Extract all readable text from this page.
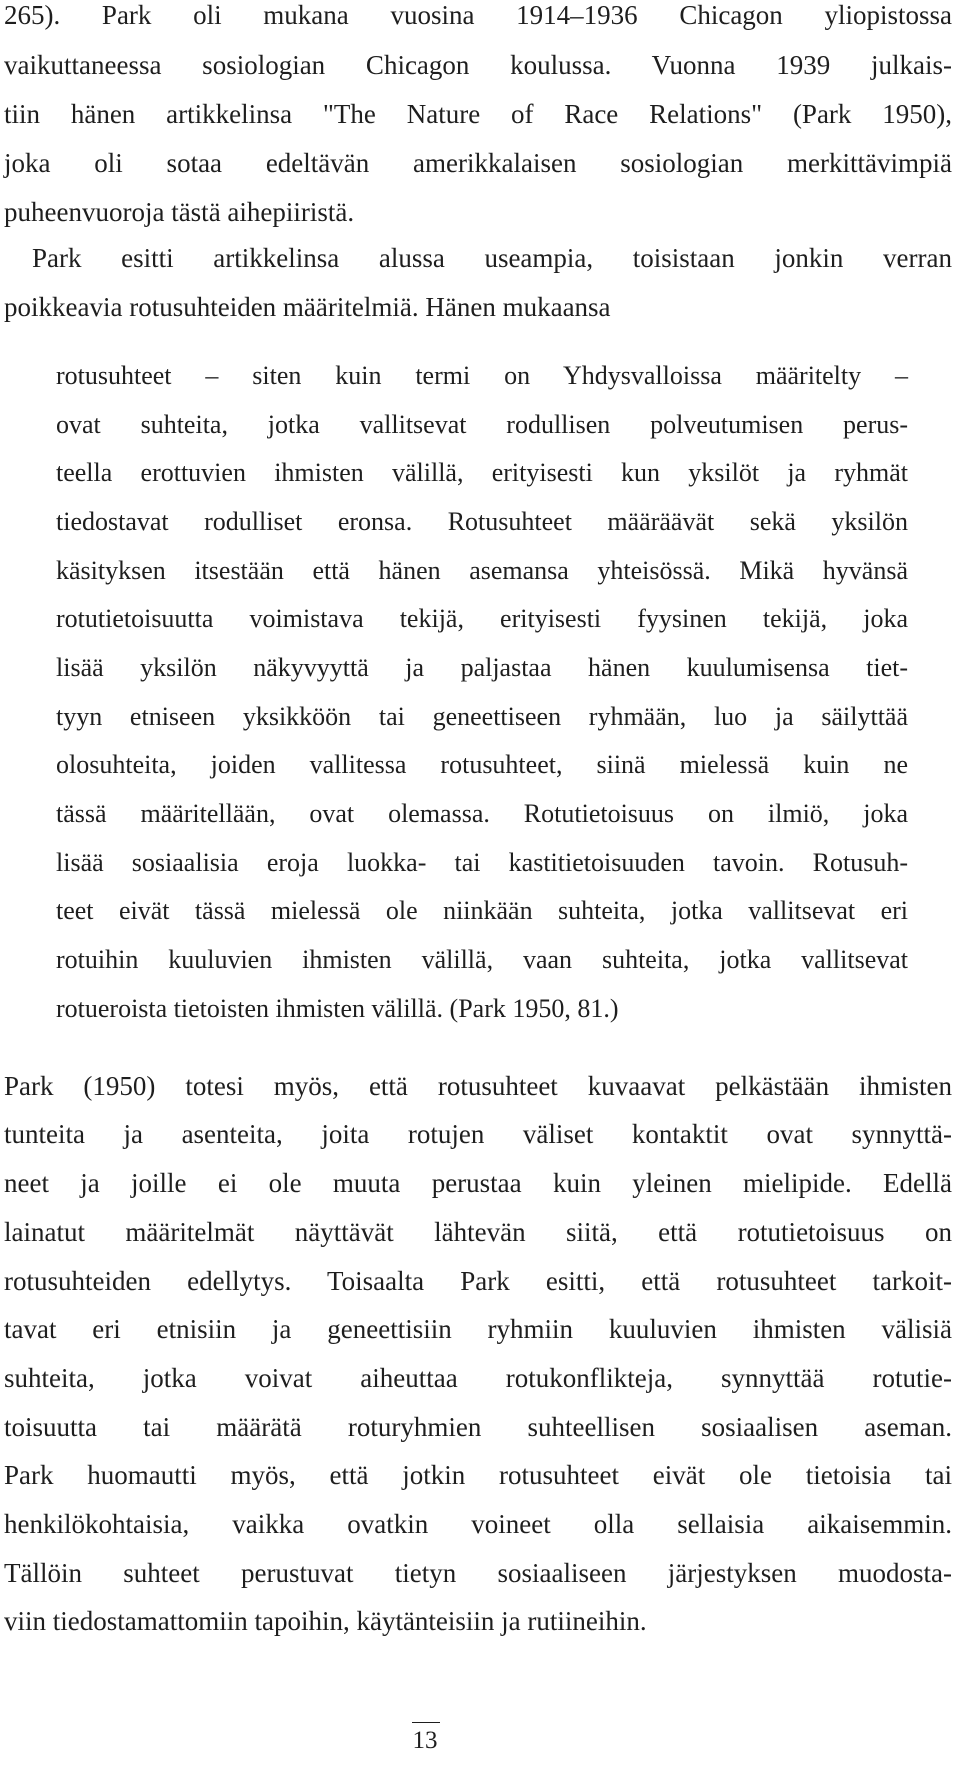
265). Park oli mukana vuosina 1914–1936 Chicagon yliopistossa

vaikuttaneessa sosiologian Chicagon koulussa. Vuonna 1939 julkais-

tiin hänen artikkelinsa "The Nature of Race Relations" (Park 1950),

joka oli sotaa edeltävän amerikkalaisen sosiologian merkittävimpiä

puheenvuoroja tästä aihepiiristä.

Park esitti artikkelinsa alussa useampia, toisistaan jonkin verran

poikkeavia rotusuhteiden määritelmiä. Hänen mukaansa

rotusuhteet – siten kuin termi on Yhdysvalloissa määritelty –

ovat suhteita, jotka vallitsevat rodullisen polveutumisen perus-

teella erottuvien ihmisten välillä, erityisesti kun yksilöt ja ryhmät

tiedostavat rodulliset eronsa. Rotusuhteet määräävät sekä yksilön

käsityksen itsestään että hänen asemansa yhteisössä. Mikä hyvänsä

rotutietoisuutta voimistava tekijä, erityisesti fyysinen tekijä, joka

lisää yksilön näkyvyyttä ja paljastaa hänen kuulumisensa tiet-

tyyn etniseen yksikköön tai geneettiseen ryhmään, luo ja säilyttää

olosuhteita, joiden vallitessa rotusuhteet, siinä mielessä kuin ne

tässä määritellään, ovat olemassa. Rotutietoisuus on ilmiö, joka

lisää sosiaalisia eroja luokka- tai kastitietoisuuden tavoin. Rotusuh-

teet eivät tässä mielessä ole niinkään suhteita, jotka vallitsevat eri

rotuihin kuuluvien ihmisten välillä, vaan suhteita, jotka vallitsevat

rotueroista tietoisten ihmisten välillä. (Park 1950, 81.)

Park (1950) totesi myös, että rotusuhteet kuvaavat pelkästään ihmisten

tunteita ja asenteita, joita rotujen väliset kontaktit ovat synnyttä-

neet ja joille ei ole muuta perustaa kuin yleinen mielipide. Edellä

lainatut määritelmät näyttävät lähtevän siitä, että rotutietoisuus on

rotusuhteiden edellytys. Toisaalta Park esitti, että rotusuhteet tarkoit-

tavat eri etnisiin ja geneettisiin ryhmiin kuuluvien ihmisten välisiä

suhteita, jotka voivat aiheuttaa rotukonflikteja, synnyttää rotutie-

toisuutta tai määrätä roturyhmien suhteellisen sosiaalisen aseman.

Park huomautti myös, että jotkin rotusuhteet eivät ole tietoisia tai

henkilökohtaisia, vaikka ovatkin voineet olla sellaisia aikaisemmin.

Tällöin suhteet perustuvat tietyn sosiaaliseen järjestyksen muodosta-

viin tiedostamattomiin tapoihin, käytänteisiin ja rutiineihin.

13
